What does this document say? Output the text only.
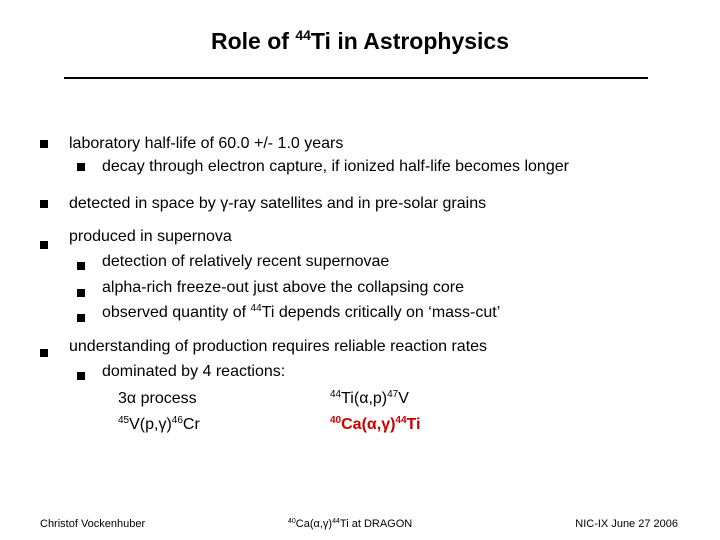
Role of $^{44}$Ti in Astrophysics
laboratory half-life of 60.0 +/- 1.0 years
decay through electron capture, if ionized half-life becomes longer
detected in space by γ-ray satellites and in pre-solar grains
produced in supernova
detection of relatively recent supernovae
alpha-rich freeze-out just above the collapsing core
observed quantity of $^{44}$Ti depends critically on ‘mass-cut’
understanding of production requires reliable reaction rates
dominated by 4 reactions:
3α process	$^{44}Ti(\alpha,p)^{47}V$
$^{45}V(p,\gamma)^{46}Cr$	$^{40}Ca(\alpha,\gamma)^{44}Ti$
Christof Vockenhuber	$^{40}Ca(\alpha,\gamma)^{44}Ti$ at DRAGON	NIC-IX June 27 2006
